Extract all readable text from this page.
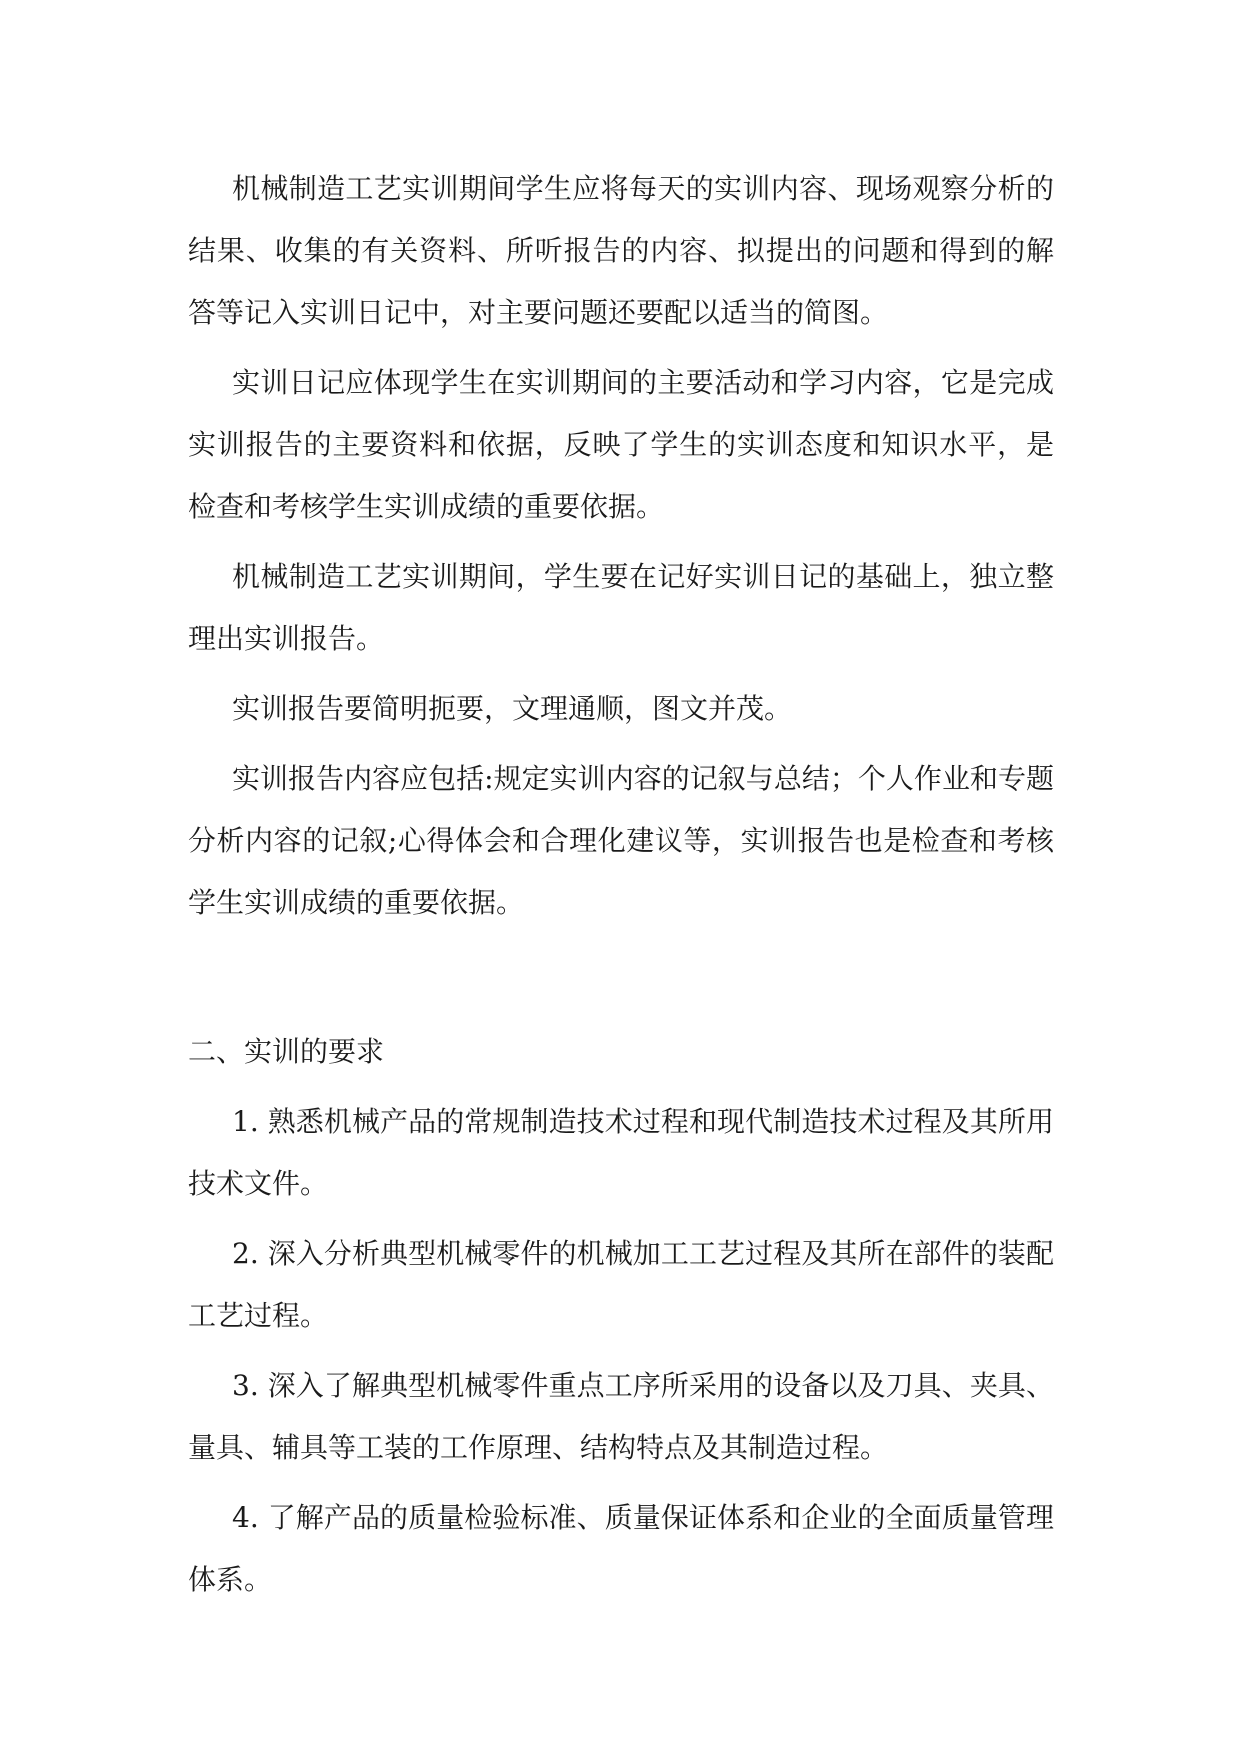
机械制造工艺实训期间学生应将每天的实训内容、现场观察分析的结果、收集的有关资料、所听报告的内容、拟提出的问题和得到的解答等记入实训日记中，对主要问题还要配以适当的简图。

实训日记应体现学生在实训期间的主要活动和学习内容，它是完成实训报告的主要资料和依据，反映了学生的实训态度和知识水平，是检查和考核学生实训成绩的重要依据。

机械制造工艺实训期间，学生要在记好实训日记的基础上，独立整理出实训报告。

实训报告要简明扼要，文理通顺，图文并茂。

实训报告内容应包括:规定实训内容的记叙与总结；个人作业和专题分析内容的记叙;心得体会和合理化建议等，实训报告也是检查和考核学生实训成绩的重要依据。

二、实训的要求

1. 熟悉机械产品的常规制造技术过程和现代制造技术过程及其所用技术文件。

2. 深入分析典型机械零件的机械加工工艺过程及其所在部件的装配工艺过程。

3. 深入了解典型机械零件重点工序所采用的设备以及刀具、夹具、量具、辅具等工装的工作原理、结构特点及其制造过程。

4. 了解产品的质量检验标准、质量保证体系和企业的全面质量管理体系。
